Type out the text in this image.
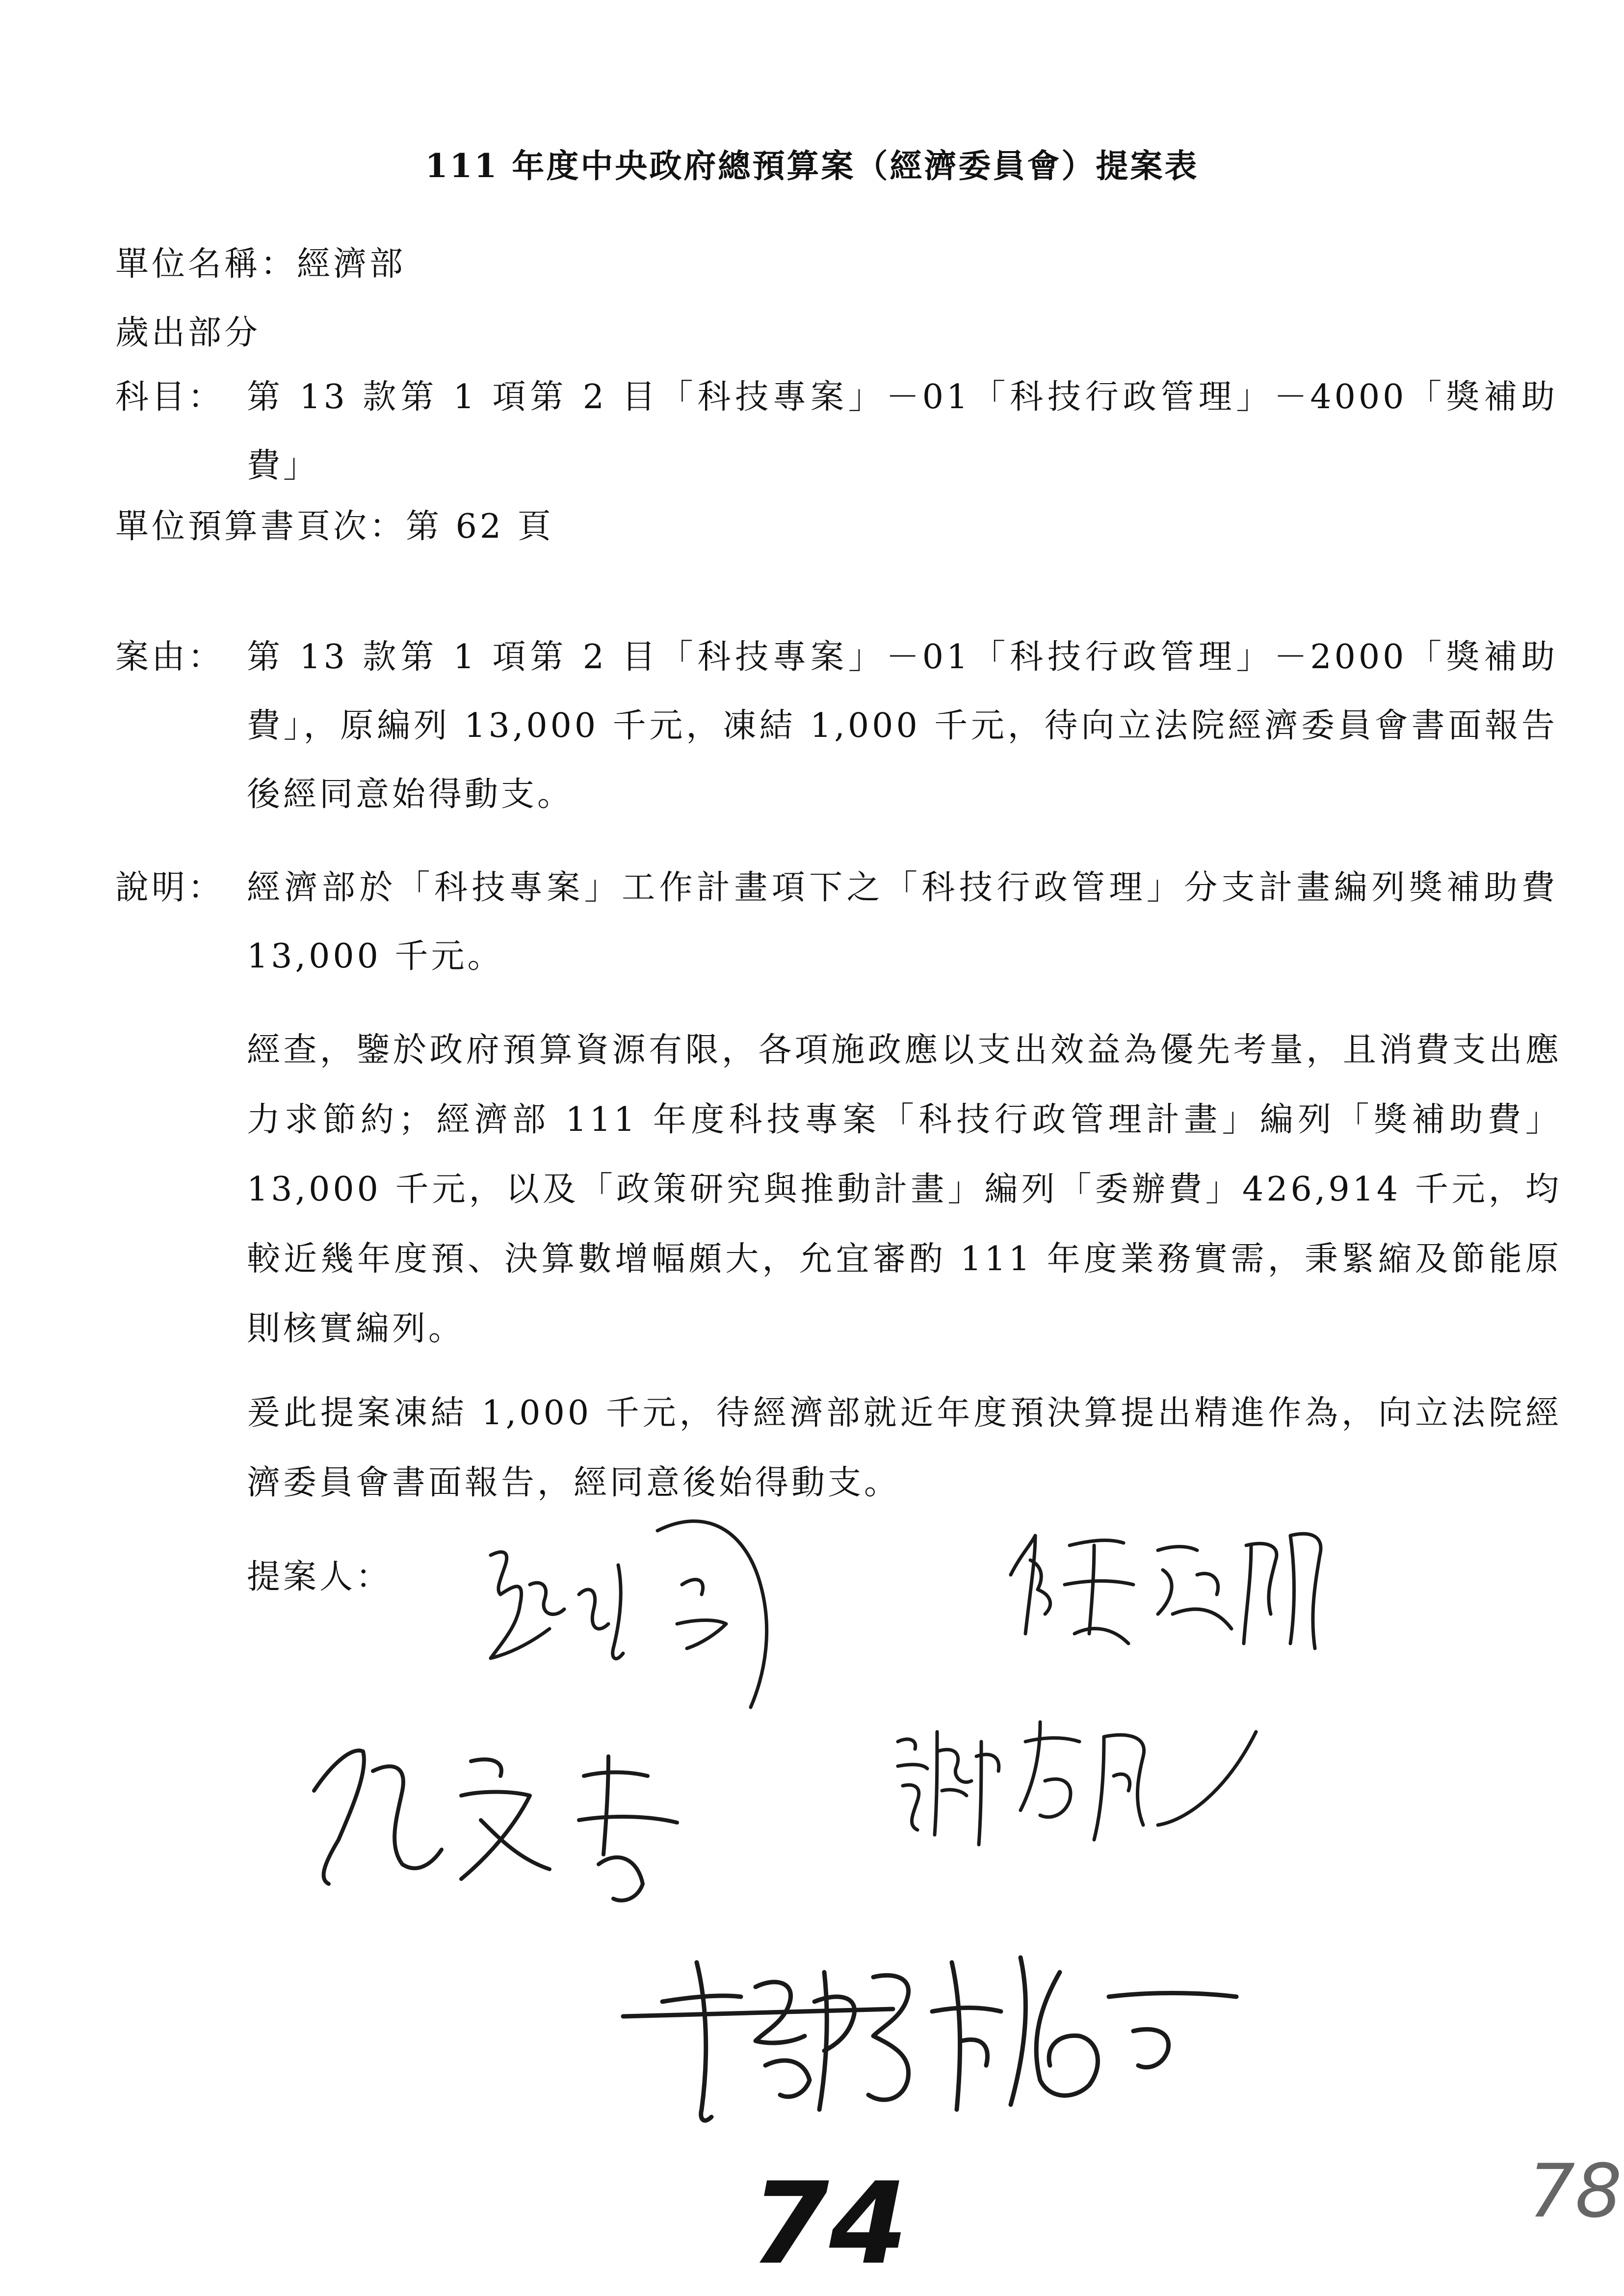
111 年度中央政府總預算案（經濟委員會）提案表
單位名稱：經濟部
歲出部分
科目： 第 13 款第 1 項第 2 目「科技專案」－01「科技行政管理」－4000「獎補助費」
單位預算書頁次：第 62 頁
案由： 第 13 款第 1 項第 2 目「科技專案」－01「科技行政管理」－2000「獎補助費」，原編列 13,000 千元，凍結 1,000 千元，待向立法院經濟委員會書面報告後經同意始得動支。
說明： 經濟部於「科技專案」工作計畫項下之「科技行政管理」分支計畫編列獎補助費 13,000 千元。
經查，鑒於政府預算資源有限，各項施政應以支出效益為優先考量，且消費支出應力求節約；經濟部 111 年度科技專案「科技行政管理計畫」編列「獎補助費」13,000 千元，以及「政策研究與推動計畫」編列「委辦費」426,914 千元，均較近幾年度預、決算數增幅頗大，允宜審酌 111 年度業務實需，秉緊縮及節能原則核實編列。
爰此提案凍結 1,000 千元，待經濟部就近年度預決算提出精進作為，向立法院經濟委員會書面報告，經同意後始得動支。
提案人：
74	78
